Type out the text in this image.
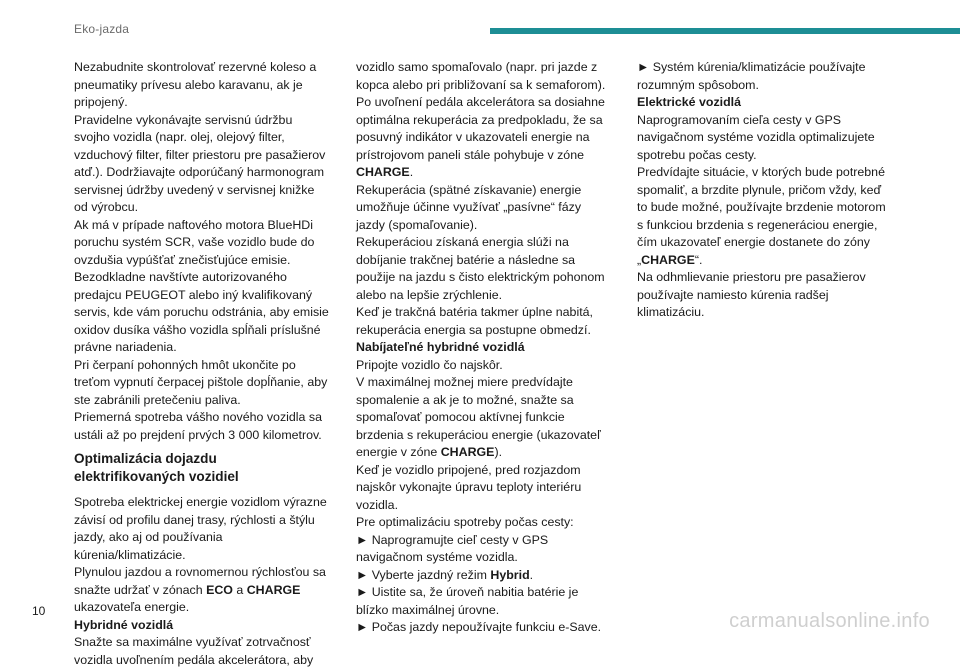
Eko-jazda

Nezabudnite skontrolovať rezervné koleso a pneumatiky prívesu alebo karavanu, ak je pripojený.

Pravidelne vykonávajte servisnú údržbu svojho vozidla (napr. olej, olejový filter, vzduchový filter, filter priestoru pre pasažierov atď.). Dodržiavajte odporúčaný harmonogram servisnej údržby uvedený v servisnej knižke od výrobcu.

Ak má v prípade naftového motora BlueHDi poruchu systém SCR, vaše vozidlo bude do ovzdušia vypúšťať znečisťujúce emisie. Bezodkladne navštívte autorizovaného predajcu PEUGEOT alebo iný kvalifikovaný servis, kde vám poruchu odstránia, aby emisie oxidov dusíka vášho vozidla spĺňali príslušné právne nariadenia.

Pri čerpaní pohonných hmôt ukončite po treťom vypnutí čerpacej pištole dopĺňanie, aby ste zabránili pretečeniu paliva.

Priemerná spotreba vášho nového vozidla sa ustáli až po prejdení prvých 3 000 kilometrov.

Optimalizácia dojazdu elektrifikovaných vozidiel

Spotreba elektrickej energie vozidlom výrazne závisí od profilu danej trasy, rýchlosti a štýlu jazdy, ako aj od používania kúrenia/klimatizácie.

Plynulou jazdou a rovnomernou rýchlosťou sa snažte udržať v zónach ECO a CHARGE ukazovateľa energie.

Hybridné vozidlá

Snažte sa maximálne využívať zotrvačnosť vozidla uvoľnením pedála akcelerátora, aby

vozidlo samo spomaľovalo (napr. pri jazde z kopca alebo pri približovaní sa k semaforom).

Po uvoľnení pedála akcelerátora sa dosiahne optimálna rekuperácia za predpokladu, že sa posuvný indikátor v ukazovateli energie na prístrojovom paneli stále pohybuje v zóne CHARGE.

Rekuperácia (spätné získavanie) energie umožňuje účinne využívať „pasívne“ fázy jazdy (spomaľovanie).

Rekuperáciou získaná energia slúži na dobíjanie trakčnej batérie a následne sa použije na jazdu s čisto elektrickým pohonom alebo na lepšie zrýchlenie.

Keď je trakčná batéria takmer úplne nabitá, rekuperácia energia sa postupne obmedzí.

Nabíjateľné hybridné vozidlá

Pripojte vozidlo čo najskôr.

V maximálnej možnej miere predvídajte spomalenie a ak je to možné, snažte sa spomaľovať pomocou aktívnej funkcie brzdenia s rekuperáciou energie (ukazovateľ energie v zóne CHARGE).

Keď je vozidlo pripojené, pred rozjazdom najskôr vykonajte úpravu teploty interiéru vozidla.

Pre optimalizáciu spotreby počas cesty:

► Naprogramujte cieľ cesty v GPS navigačnom systéme vozidla.

► Vyberte jazdný režim Hybrid.

► Uistite sa, že úroveň nabitia batérie je blízko maximálnej úrovne.

► Počas jazdy nepoužívajte funkciu e-Save.

► Systém kúrenia/klimatizácie používajte rozumným spôsobom.

Elektrické vozidlá

Naprogramovaním cieľa cesty v GPS navigačnom systéme vozidla optimalizujete spotrebu počas cesty.

Predvídajte situácie, v ktorých bude potrebné spomaliť, a brzdite plynule, pričom vždy, keď to bude možné, používajte brzdenie motorom s funkciou brzdenia s regeneráciou energie, čím ukazovateľ energie dostanete do zóny „CHARGE“.

Na odhmlievanie priestoru pre pasažierov používajte namiesto kúrenia radšej klimatizáciu.

10	carmanualsonline.info
